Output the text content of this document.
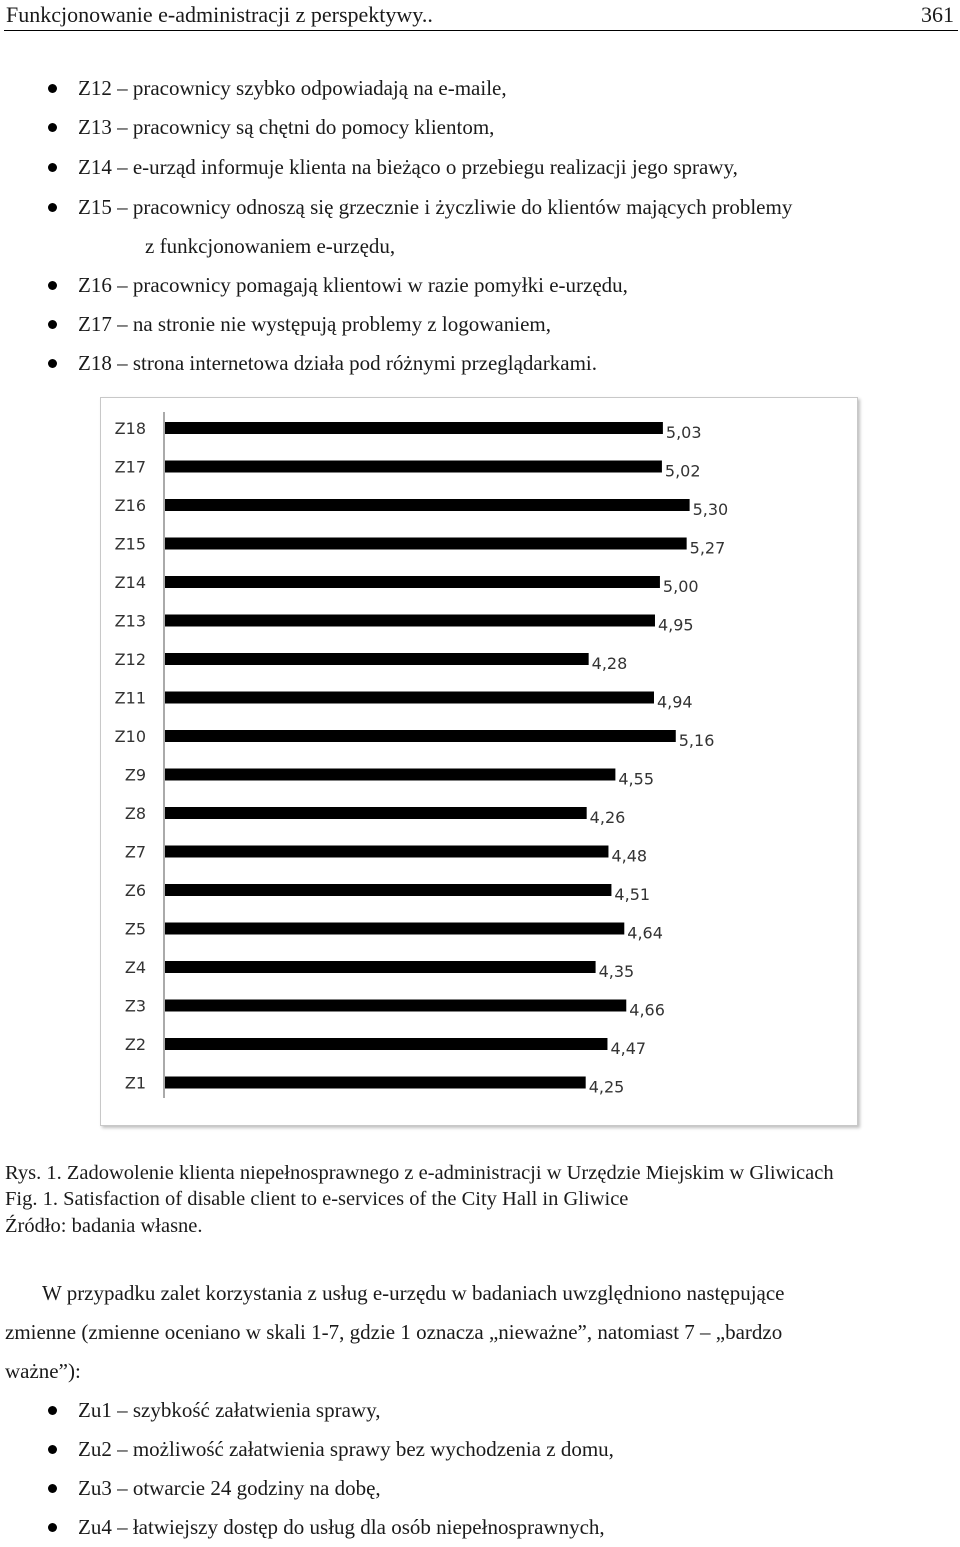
Funkcjonowanie e-administracji z perspektywy..	361
Z12 – pracownicy szybko odpowiadają na e-maile,
Z13 – pracownicy są chętni do pomocy klientom,
Z14 – e-urząd informuje klienta na bieżąco o przebiegu realizacji jego sprawy,
Z15 – pracownicy odnoszą się grzecznie i życzliwie do klientów mających problemy
Z16 – pracownicy pomagają klientowi w razie pomyłki e-urzędu,
Z17 – na stronie nie występują problemy z logowaniem,
Z18 – strona internetowa działa pod różnymi przeglądarkami.
z funkcjonowaniem e-urzędu,
Z18	5,03
Z17	5,02
Z16	5,30
Z15	5,27
Z14	5,00
Z13	4,95
Z12	4,28
Z11	4,94
Z10	5,16
Z9	4,55
Z8	4,26
Z7	4,48
Z6	4,51
Z5	4,64
Z4	4,35
Z3	4,66
Z2	4,47
Z1	4,25
Rys. 1. Zadowolenie klienta niepełnosprawnego z e-administracji w Urzędzie Miejskim w Gliwicach
Fig. 1. Satisfaction of disable client to e-services of the City Hall in Gliwice
Źródło: badania własne.
W przypadku zalet korzystania z usług e-urzędu w badaniach uwzględniono następujące
zmienne (zmienne oceniano w skali 1-7, gdzie 1 oznacza „nieważne”, natomiast 7 – „bardzo
ważne”):
Zu1 – szybkość załatwienia sprawy,
Zu2 – możliwość załatwienia sprawy bez wychodzenia z domu,
Zu3 – otwarcie 24 godziny na dobę,
Zu4 – łatwiejszy dostęp do usług dla osób niepełnosprawnych,
